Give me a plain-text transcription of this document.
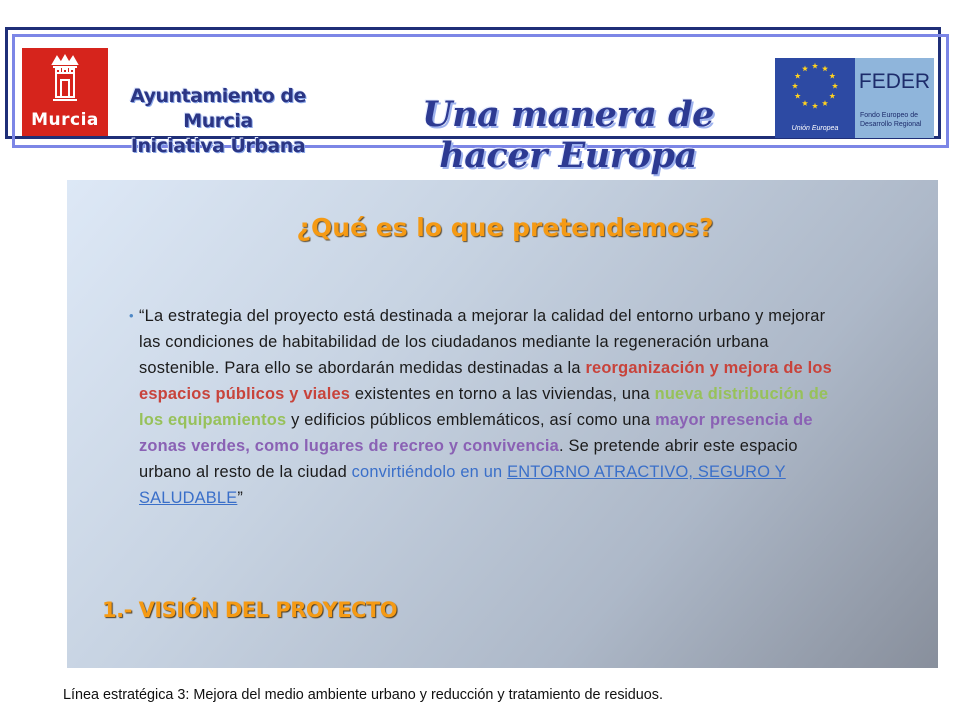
Murcia
Ayuntamiento de Murcia
Iniciativa Urbana
Una manera de hacer Europa
Unión Europea
FEDER
Fondo Europeo de Desarrollo Regional
¿Qué es lo que pretendemos?
• “La estrategia del proyecto está destinada a mejorar la calidad del entorno urbano y mejorar las condiciones de habitabilidad de los ciudadanos mediante la regeneración urbana sostenible. Para ello se abordarán medidas destinadas a la reorganización y mejora de los espacios públicos y viales existentes en torno a las viviendas, una nueva distribución de los equipamientos y edificios públicos emblemáticos, así como una mayor presencia de zonas verdes, como lugares de recreo y convivencia. Se pretende abrir este espacio urbano al resto de la ciudad convirtiéndolo en un ENTORNO ATRACTIVO, SEGURO Y SALUDABLE”
1.- VISIÓN DEL PROYECTO
Línea estratégica 3: Mejora del medio ambiente urbano y reducción y tratamiento de residuos.
